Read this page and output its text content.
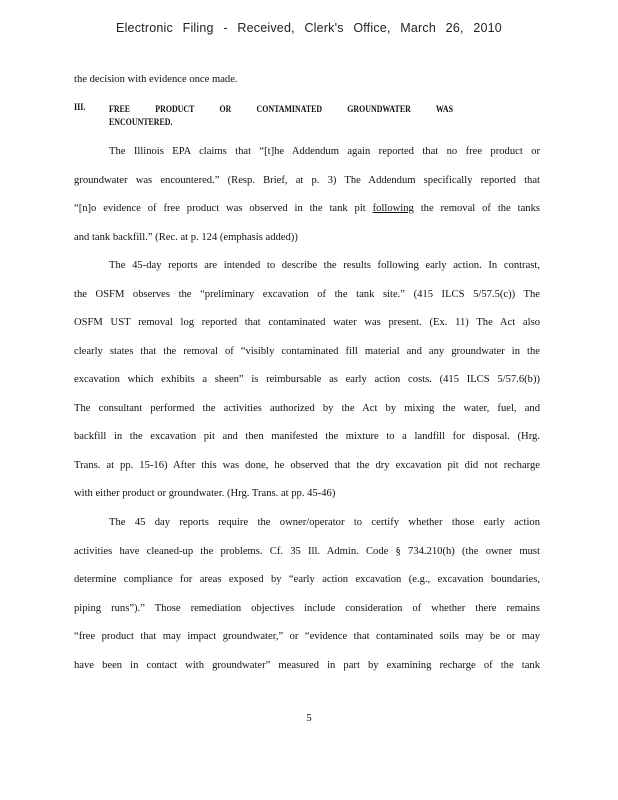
Electronic Filing - Received, Clerk's Office, March 26, 2010
the decision with evidence once made.
III.	FREE PRODUCT OR CONTAMINATED GROUNDWATER WAS
ENCOUNTERED.
The Illinois EPA claims that “[t]he Addendum again reported that no free product or
groundwater was encountered.” (Resp. Brief, at p. 3) The Addendum specifically reported that
“[n]o evidence of free product was observed in the tank pit following the removal of the tanks
and tank backfill.” (Rec. at p. 124 (emphasis added))
The 45-day reports are intended to describe the results following early action. In contrast,
the OSFM observes the “preliminary excavation of the tank site.” (415 ILCS 5/57.5(c)) The
OSFM UST removal log reported that contaminated water was present. (Ex. 11) The Act also
clearly states that the removal of “visibly contaminated fill material and any groundwater in the
excavation which exhibits a sheen” is reimbursable as early action costs. (415 ILCS 5/57.6(b))
The consultant performed the activities authorized by the Act by mixing the water, fuel, and
backfill in the excavation pit and then manifested the mixture to a landfill for disposal. (Hrg.
Trans. at pp. 15-16) After this was done, he observed that the dry excavation pit did not recharge
with either product or groundwater. (Hrg. Trans. at pp. 45-46)
The 45 day reports require the owner/operator to certify whether those early action
activities have cleaned-up the problems. Cf. 35 Ill. Admin. Code § 734.210(h) (the owner must
determine compliance for areas exposed by “early action excavation (e.g., excavation boundaries,
piping runs”).” Those remediation objectives include consideration of whether there remains
“free product that may impact groundwater,” or “evidence that contaminated soils may be or may
have been in contact with groundwater” measured in part by examining recharge of the tank
5
